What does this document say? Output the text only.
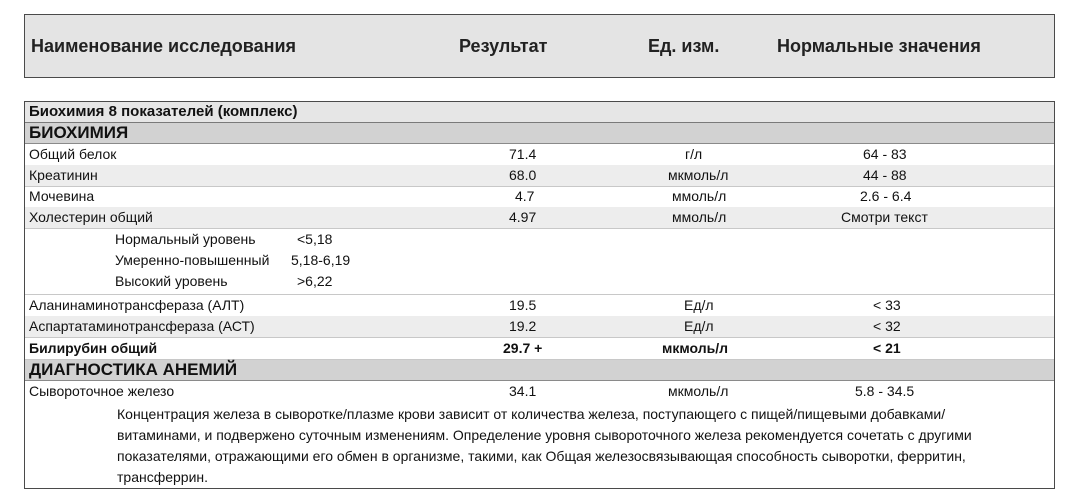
Наименование исследования	Результат	Ед. изм.	Нормальные значения
Биохимия 8 показателей (комплекс)
БИОХИМИЯ
Общий белок	71.4	г/л	64 - 83
Креатинин	68.0	мкмоль/л	44 - 88
Мочевина	4.7	ммоль/л	2.6 - 6.4
Холестерин общий	4.97	ммоль/л	Смотри текст
Нормальный уровень	<5,18
Умеренно-повышенный 5,18-6,19
Высокий уровень	>6,22
Аланинаминотрансфераза (АЛТ)	19.5	Ед/л	< 33
Аспартатаминотрансфераза (АСТ)	19.2	Ед/л	< 32
Билирубин общий	29.7 +	мкмоль/л	< 21
ДИАГНОСТИКА АНЕМИЙ
Сывороточное железо	34.1	мкмоль/л	5.8 - 34.5
Концентрация железа в сыворотке/плазме крови зависит от количества железа, поступающего с пищей/пищевыми добавками/витаминами, и подвержено суточным изменениям. Определение уровня сывороточного железа рекомендуется сочетать с другими показателями, отражающими его обмен в организме, такими, как Общая железосвязывающая способность сыворотки, ферритин, трансферрин.
